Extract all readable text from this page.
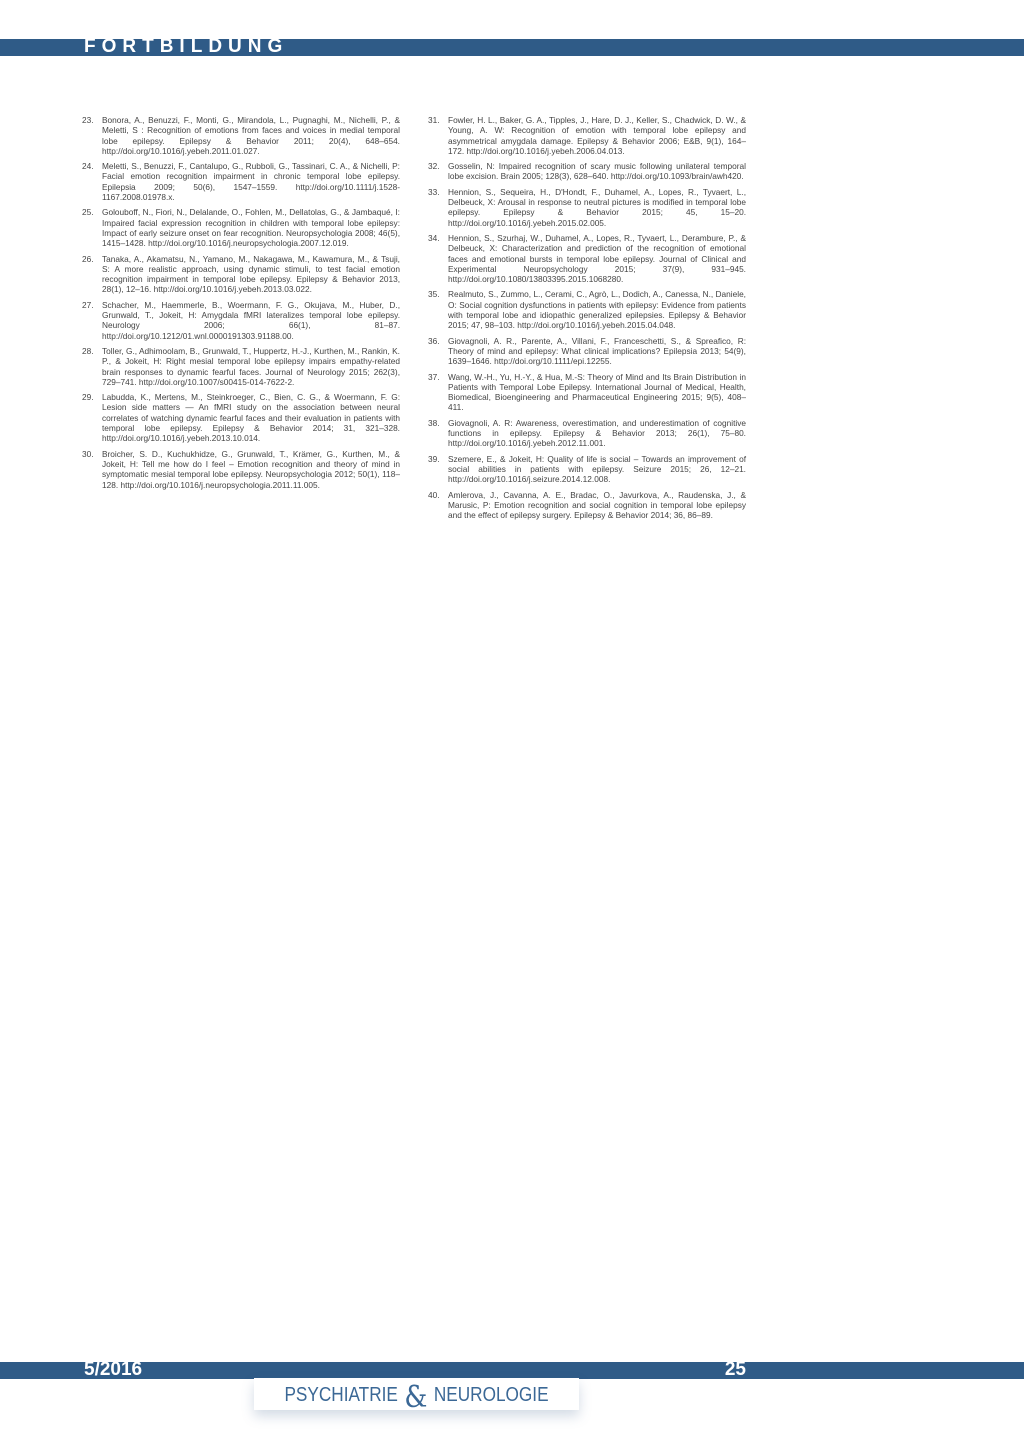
FORTBILDUNG
23.	Bonora, A., Benuzzi, F., Monti, G., Mirandola, L., Pugnaghi, M., Nichelli, P., & Meletti, S : Recognition of emotions from faces and voices in medial temporal lobe epilepsy. Epilepsy & Behavior 2011; 20(4), 648–654. http://doi.org/10.1016/j.yebeh.2011.01.027.
24.	Meletti, S., Benuzzi, F., Cantalupo, G., Rubboli, G., Tassinari, C. A., & Nichelli, P: Facial emotion recognition impairment in chronic temporal lobe epilepsy. Epilepsia 2009; 50(6), 1547–1559. http://doi.org/10.1111/j.1528-1167.2008.01978.x.
25.	Golouboff, N., Fiori, N., Delalande, O., Fohlen, M., Dellatolas, G., & Jambaqué, I: Impaired facial expression recognition in children with temporal lobe epilepsy: Impact of early seizure onset on fear recognition. Neuropsychologia 2008; 46(5), 1415–1428. http://doi.org/10.1016/j.neuropsychologia.2007.12.019.
26.	Tanaka, A., Akamatsu, N., Yamano, M., Nakagawa, M., Kawamura, M., & Tsuji, S: A more realistic approach, using dynamic stimuli, to test facial emotion recognition impairment in temporal lobe epilepsy. Epilepsy & Behavior 2013, 28(1), 12–16. http://doi.org/10.1016/j.yebeh.2013.03.022.
27.	Schacher, M., Haemmerle, B., Woermann, F. G., Okujava, M., Huber, D., Grunwald, T., Jokeit, H: Amygdala fMRI lateralizes temporal lobe epilepsy. Neurology 2006; 66(1), 81–87. http://doi.org/10.1212/01.wnl.0000191303.91188.00.
28.	Toller, G., Adhimoolam, B., Grunwald, T., Huppertz, H.-J., Kurthen, M., Rankin, K. P., & Jokeit, H: Right mesial temporal lobe epilepsy impairs empathy-related brain responses to dynamic fearful faces. Journal of Neurology 2015; 262(3), 729–741. http://doi.org/10.1007/s00415-014-7622-2.
29.	Labudda, K., Mertens, M., Steinkroeger, C., Bien, C. G., & Woermann, F. G: Lesion side matters — An fMRI study on the association between neural correlates of watching dynamic fearful faces and their evaluation in patients with temporal lobe epilepsy. Epilepsy & Behavior 2014; 31, 321–328. http://doi.org/10.1016/j.yebeh.2013.10.014.
30.	Broicher, S. D., Kuchukhidze, G., Grunwald, T., Krämer, G., Kurthen, M., & Jokeit, H: Tell me how do I feel – Emotion recognition and theory of mind in symptomatic mesial temporal lobe epilepsy. Neuropsychologia 2012; 50(1), 118–128. http://doi.org/10.1016/j.neuropsychologia.2011.11.005.
31.	Fowler, H. L., Baker, G. A., Tipples, J., Hare, D. J., Keller, S., Chadwick, D. W., & Young, A. W: Recognition of emotion with temporal lobe epilepsy and asymmetrical amygdala damage. Epilepsy & Behavior 2006; E&B, 9(1), 164–172. http://doi.org/10.1016/j.yebeh.2006.04.013.
32.	Gosselin, N: Impaired recognition of scary music following unilateral temporal lobe excision. Brain 2005; 128(3), 628–640. http://doi.org/10.1093/brain/awh420.
33.	Hennion, S., Sequeira, H., D'Hondt, F., Duhamel, A., Lopes, R., Tyvaert, L., Delbeuck, X: Arousal in response to neutral pictures is modified in temporal lobe epilepsy. Epilepsy & Behavior 2015; 45, 15–20. http://doi.org/10.1016/j.yebeh.2015.02.005.
34.	Hennion, S., Szurhaj, W., Duhamel, A., Lopes, R., Tyvaert, L., Derambure, P., & Delbeuck, X: Characterization and prediction of the recognition of emotional faces and emotional bursts in temporal lobe epilepsy. Journal of Clinical and Experimental Neuropsychology 2015; 37(9), 931–945. http://doi.org/10.1080/13803395.2015.1068280.
35.	Realmuto, S., Zummo, L., Cerami, C., Agrò, L., Dodich, A., Canessa, N., Daniele, O: Social cognition dysfunctions in patients with epilepsy: Evidence from patients with temporal lobe and idiopathic generalized epilepsies. Epilepsy & Behavior 2015; 47, 98–103. http://doi.org/10.1016/j.yebeh.2015.04.048.
36.	Giovagnoli, A. R., Parente, A., Villani, F., Franceschetti, S., & Spreafico, R: Theory of mind and epilepsy: What clinical implications? Epilepsia 2013; 54(9), 1639–1646. http://doi.org/10.1111/epi.12255.
37.	Wang, W.-H., Yu, H.-Y., & Hua, M.-S: Theory of Mind and Its Brain Distribution in Patients with Temporal Lobe Epilepsy. International Journal of Medical, Health, Biomedical, Bioengineering and Pharmaceutical Engineering 2015; 9(5), 408–411.
38.	Giovagnoli, A. R: Awareness, overestimation, and underestimation of cognitive functions in epilepsy. Epilepsy & Behavior 2013; 26(1), 75–80. http://doi.org/10.1016/j.yebeh.2012.11.001.
39.	Szemere, E., & Jokeit, H: Quality of life is social – Towards an improvement of social abilities in patients with epilepsy. Seizure 2015; 26, 12–21. http://doi.org/10.1016/j.seizure.2014.12.008.
40.	Amlerova, J., Cavanna, A. E., Bradac, O., Javurkova, A., Raudenska, J., & Marusic, P: Emotion recognition and social cognition in temporal lobe epilepsy and the effect of epilepsy surgery. Epilepsy & Behavior 2014; 36, 86–89.
5/2016	25
PSYCHIATRIE & NEUROLOGIE
